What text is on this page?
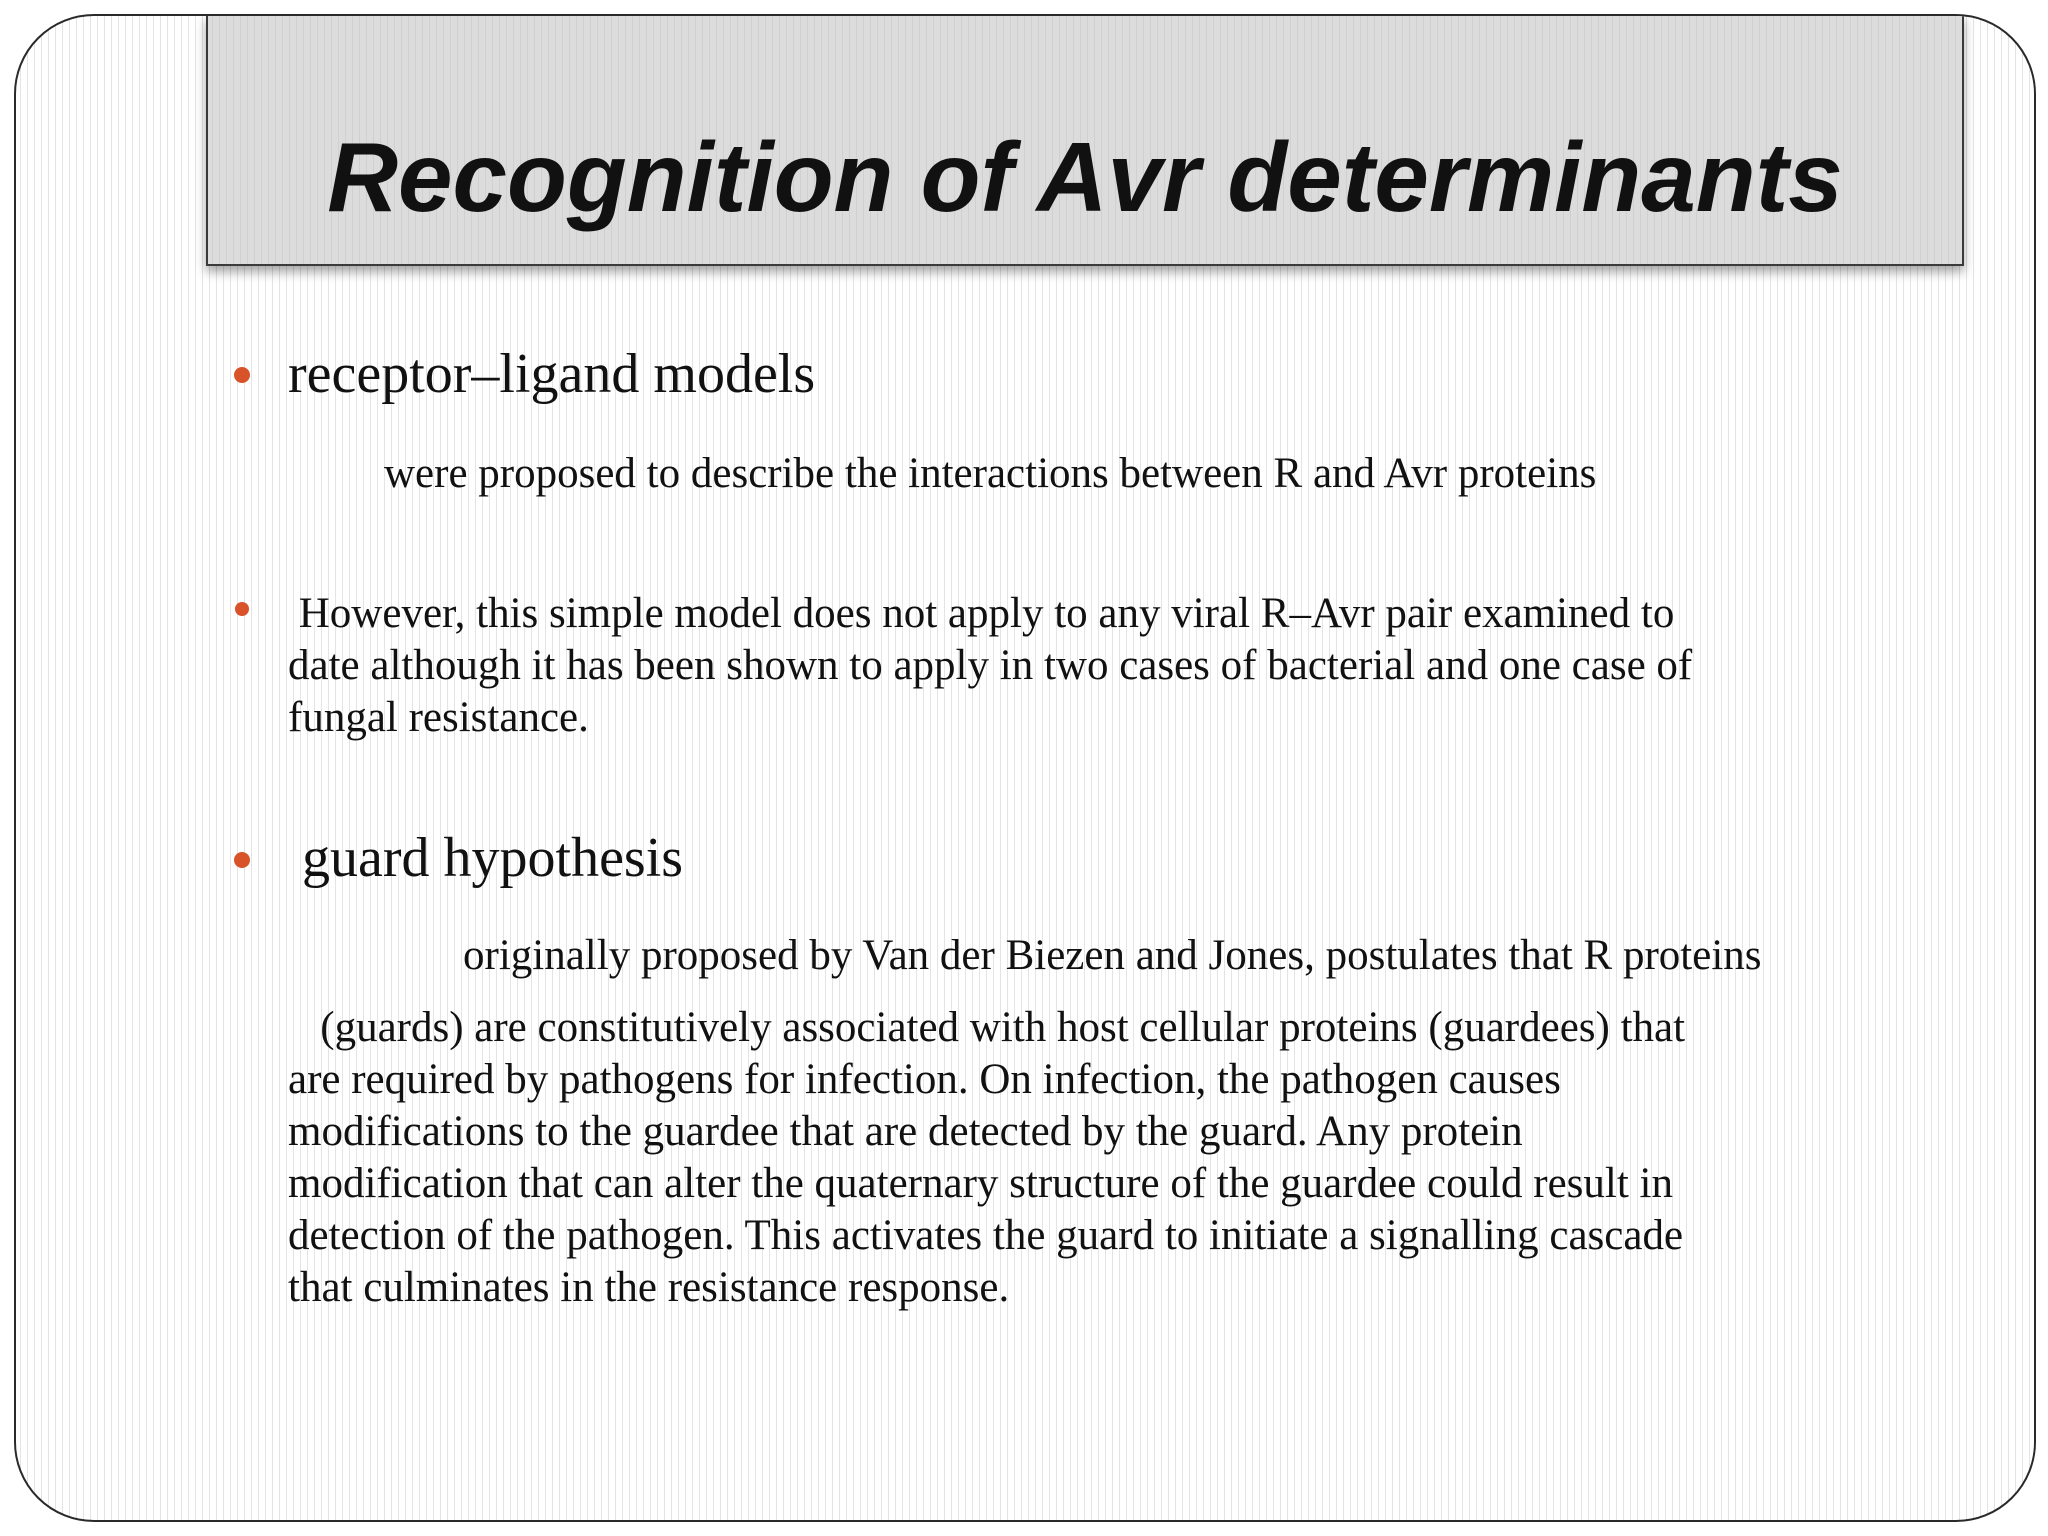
Recognition of Avr determinants
receptor–ligand models
were proposed to describe the interactions between R and Avr proteins
However, this simple model does not apply to any viral R–Avr pair examined to
date although it has been shown to apply in two cases of bacterial and one case of
fungal resistance.
guard hypothesis
originally proposed by Van der Biezen and Jones, postulates that R proteins
(guards) are constitutively associated with host cellular proteins (guardees) that
are required by pathogens for infection. On infection, the pathogen causes
modifications to the guardee that are detected by the guard. Any protein
modification that can alter the quaternary structure of the guardee could result in
detection of the pathogen. This activates the guard to initiate a signalling cascade
that culminates in the resistance response.
